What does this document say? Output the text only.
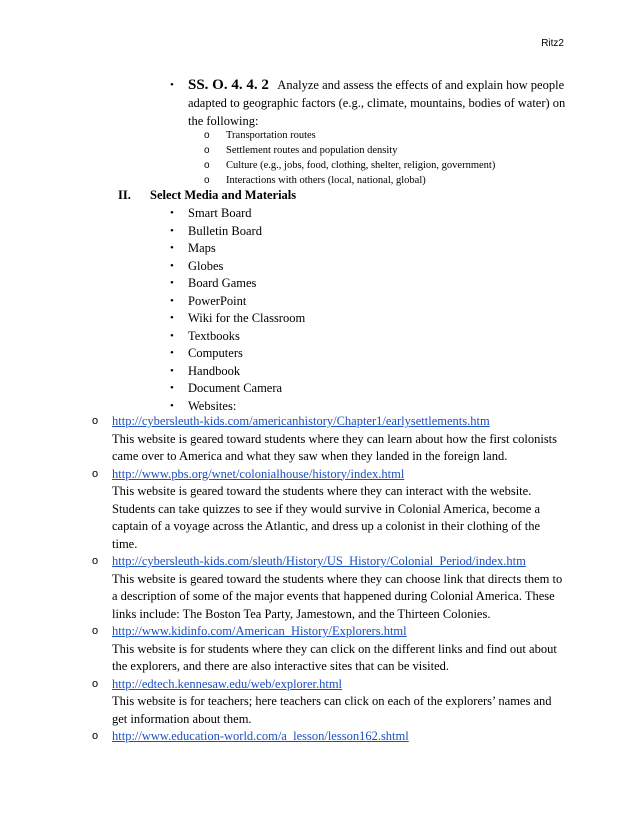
Ritz2
• SS. O. 4. 4. 2 Analyze and assess the effects of and explain how people adapted to geographic factors (e.g., climate, mountains, bodies of water) on the following:
o Transportation routes
o Settlement routes and population density
o Culture (e.g., jobs, food, clothing, shelter, religion, government)
o Interactions with others (local, national, global)
II. Select Media and Materials
• Smart Board
• Bulletin Board
• Maps
• Globes
• Board Games
• PowerPoint
• Wiki for the Classroom
• Textbooks
• Computers
• Handbook
• Document Camera
• Websites:
o http://cybersleuth-kids.com/americanhistory/Chapter1/earlysettlements.htm
This website is geared toward students where they can learn about how the first colonists came over to America and what they saw when they landed in the foreign land.
o http://www.pbs.org/wnet/colonialhouse/history/index.html
This website is geared toward the students where they can interact with the website. Students can take quizzes to see if they would survive in Colonial America, become a captain of a voyage across the Atlantic, and dress up a colonist in their clothing of the time.
o http://cybersleuth-kids.com/sleuth/History/US_History/Colonial_Period/index.htm
This website is geared toward the students where they can choose link that directs them to a description of some of the major events that happened during Colonial America. These links include: The Boston Tea Party, Jamestown, and the Thirteen Colonies.
o http://www.kidinfo.com/American_History/Explorers.html
This website is for students where they can click on the different links and find out about the explorers, and there are also interactive sites that can be visited.
o http://edtech.kennesaw.edu/web/explorer.html
This website is for teachers; here teachers can click on each of the explorers’ names and get information about them.
o http://www.education-world.com/a_lesson/lesson162.shtml
